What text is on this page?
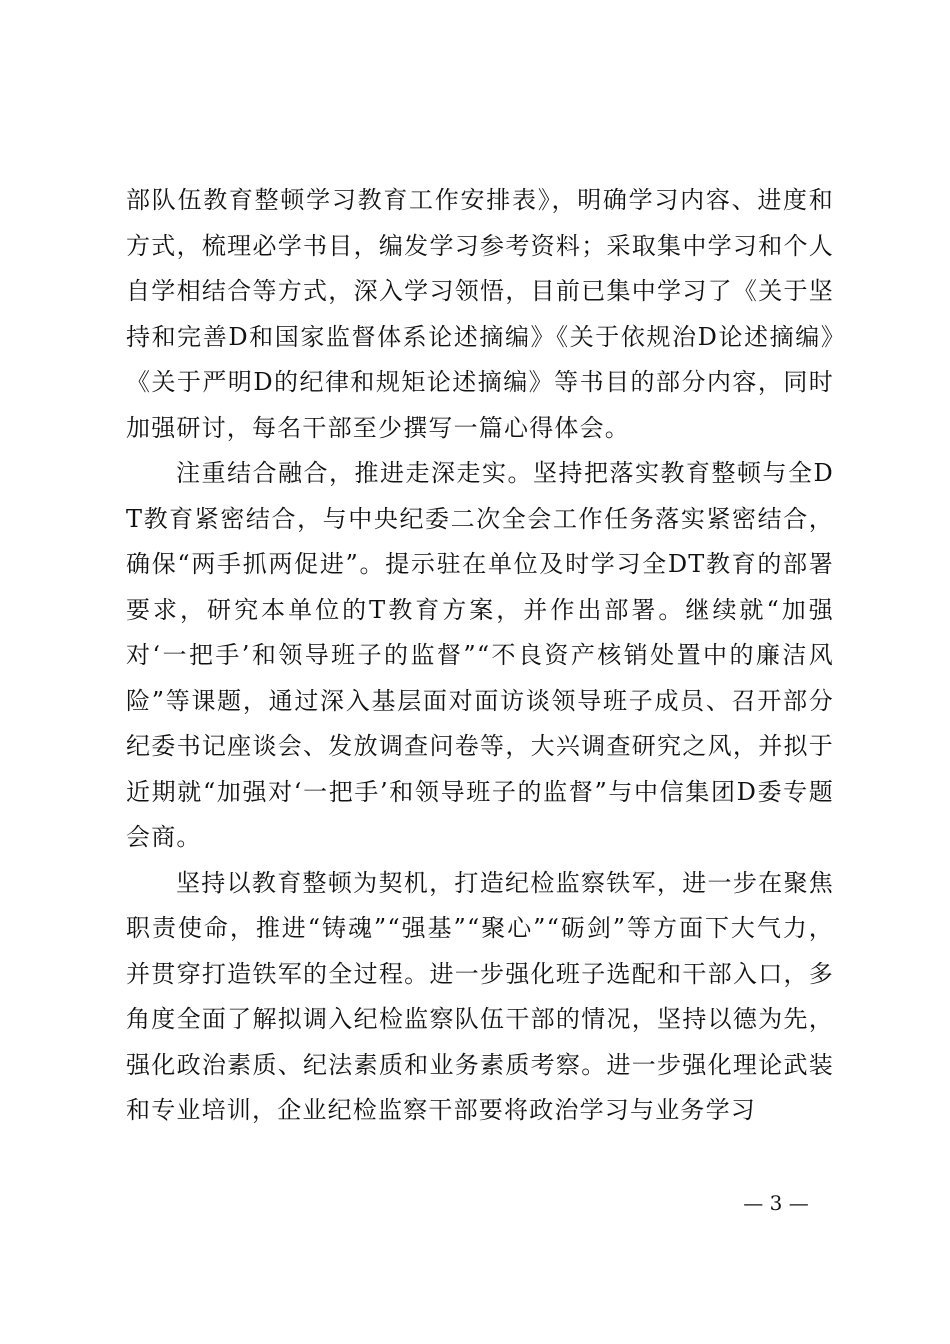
部队伍教育整顿学习教育工作安排表》，明确学习内容、进度和方式，梳理必学书目，编发学习参考资料；采取集中学习和个人自学相结合等方式，深入学习领悟，目前已集中学习了《关于坚持和完善D和国家监督体系论述摘编》《关于依规治D论述摘编》《关于严明D的纪律和规矩论述摘编》等书目的部分内容，同时加强研讨，每名干部至少撰写一篇心得体会。

注重结合融合，推进走深走实。坚持把落实教育整顿与全DT教育紧密结合，与中央纪委二次全会工作任务落实紧密结合，确保“两手抓两促进”。提示驻在单位及时学习全DT教育的部署要求，研究本单位的T教育方案，并作出部署。继续就“加强对‘一把手’和领导班子的监督”“不良资产核销处置中的廉洁风险”等课题，通过深入基层面对面访谈领导班子成员、召开部分纪委书记座谈会、发放调查问卷等，大兴调查研究之风，并拟于近期就“加强对‘一把手’和领导班子的监督”与中信集团D委专题会商。

坚持以教育整顿为契机，打造纪检监察铁军，进一步在聚焦职责使命，推进“铸魂”“强基”“聚心”“砺剑”等方面下大气力，并贯穿打造铁军的全过程。进一步强化班子选配和干部入口，多角度全面了解拟调入纪检监察队伍干部的情况，坚持以德为先，强化政治素质、纪法素质和业务素质考察。进一步强化理论武装和专业培训，企业纪检监察干部要将政治学习与业务学习

— 3 —
